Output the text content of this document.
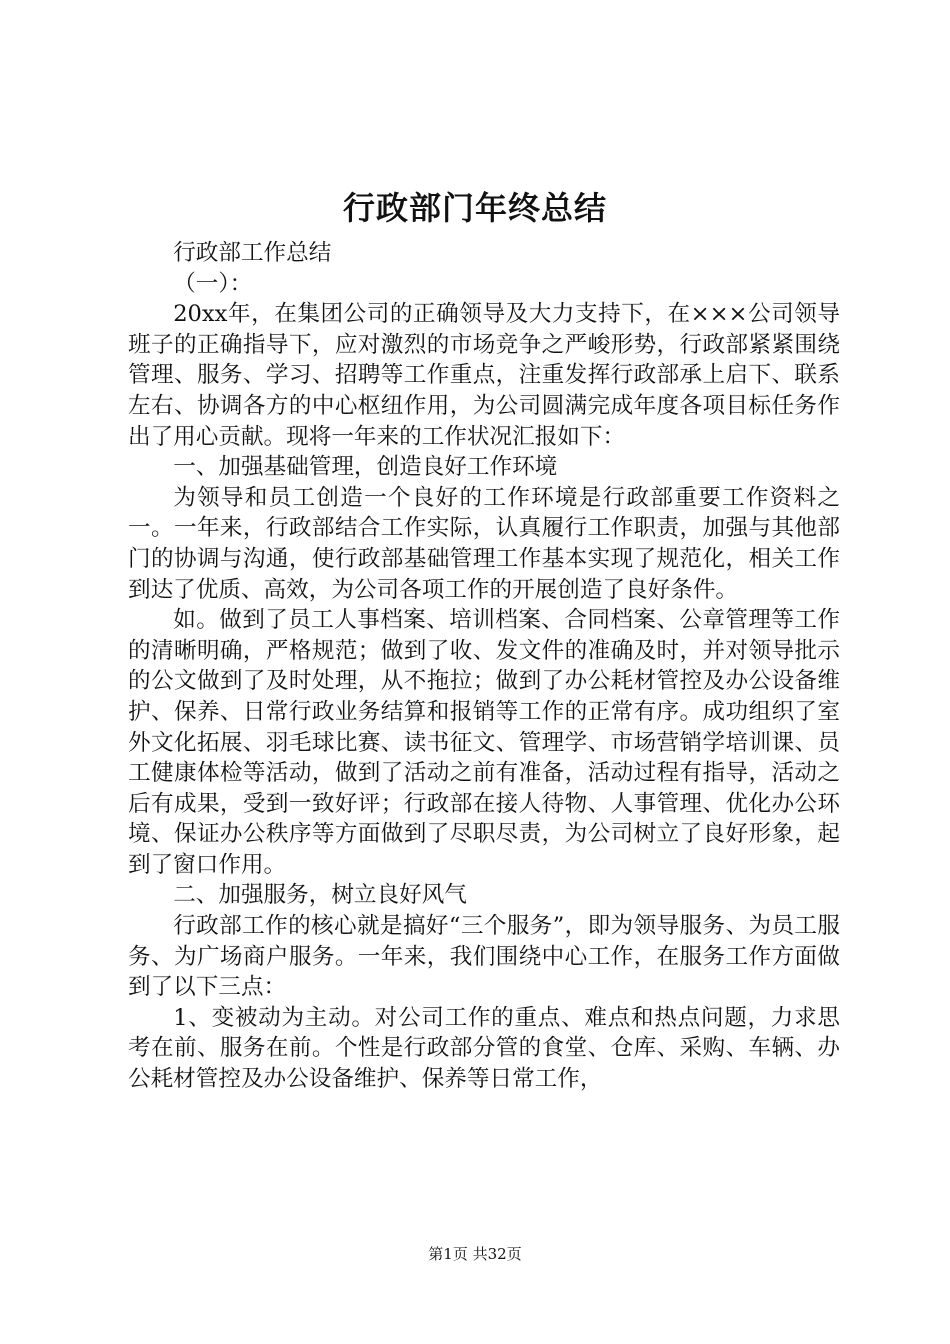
行政部门年终总结

行政部工作总结

（一）：

20xx年，在集团公司的正确领导及大力支持下，在×××公司领导班子的正确指导下，应对激烈的市场竞争之严峻形势，行政部紧紧围绕管理、服务、学习、招聘等工作重点，注重发挥行政部承上启下、联系左右、协调各方的中心枢纽作用，为公司圆满完成年度各项目标任务作出了用心贡献。现将一年来的工作状况汇报如下：

一、加强基础管理，创造良好工作环境

为领导和员工创造一个良好的工作环境是行政部重要工作资料之一。一年来，行政部结合工作实际，认真履行工作职责，加强与其他部门的协调与沟通，使行政部基础管理工作基本实现了规范化，相关工作到达了优质、高效，为公司各项工作的开展创造了良好条件。

如。做到了员工人事档案、培训档案、合同档案、公章管理等工作的清晰明确，严格规范；做到了收、发文件的准确及时，并对领导批示的公文做到了及时处理，从不拖拉；做到了办公耗材管控及办公设备维护、保养、日常行政业务结算和报销等工作的正常有序。成功组织了室外文化拓展、羽毛球比赛、读书征文、管理学、市场营销学培训课、员工健康体检等活动，做到了活动之前有准备，活动过程有指导，活动之后有成果，受到一致好评；行政部在接人待物、人事管理、优化办公环境、保证办公秩序等方面做到了尽职尽责，为公司树立了良好形象，起到了窗口作用。

二、加强服务，树立良好风气

行政部工作的核心就是搞好“三个服务”，即为领导服务、为员工服务、为广场商户服务。一年来，我们围绕中心工作，在服务工作方面做到了以下三点：

1、变被动为主动。对公司工作的重点、难点和热点问题，力求思考在前、服务在前。个性是行政部分管的食堂、仓库、采购、车辆、办公耗材管控及办公设备维护、保养等日常工作，

第1页 共32页
